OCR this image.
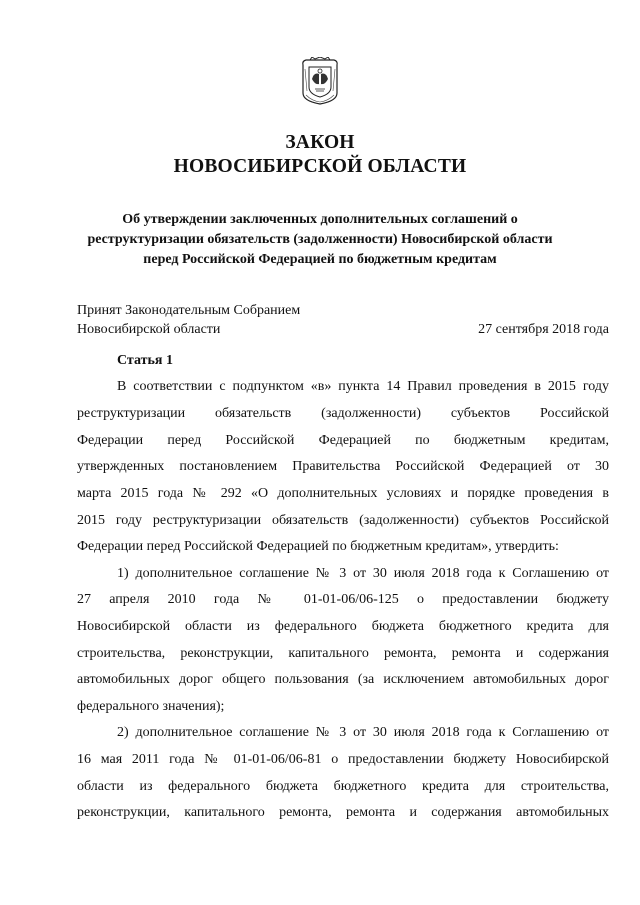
ЗАКОН
НОВОСИБИРСКОЙ ОБЛАСТИ
Об утверждении заключенных дополнительных соглашений о
реструктуризации обязательств (задолженности) Новосибирской области
перед Российской Федерацией по бюджетным кредитам
Принят Законодательным Собранием
Новосибирской области	27 сентября 2018 года
Статья 1
В соответствии с подпунктом «в» пункта 14 Правил проведения в 2015 году
реструктуризации обязательств (задолженности) субъектов Российской
Федерации перед Российской Федерацией по бюджетным кредитам,
утвержденных постановлением Правительства Российской Федерацией от 30
марта 2015 года № 292 «О дополнительных условиях и порядке проведения в
2015 году реструктуризации обязательств (задолженности) субъектов Российской
Федерации перед Российской Федерацией по бюджетным кредитам», утвердить:
1) дополнительное соглашение № 3 от 30 июля 2018 года к Соглашению от
27 апреля 2010 года № 01-01-06/06-125 о предоставлении бюджету
Новосибирской области из федерального бюджета бюджетного кредита для
строительства, реконструкции, капитального ремонта, ремонта и содержания
автомобильных дорог общего пользования (за исключением автомобильных дорог
федерального значения);
2) дополнительное соглашение № 3 от 30 июля 2018 года к Соглашению от
16 мая 2011 года № 01-01-06/06-81 о предоставлении бюджету Новосибирской
области из федерального бюджета бюджетного кредита для строительства,
реконструкции, капитального ремонта, ремонта и содержания автомобильных
